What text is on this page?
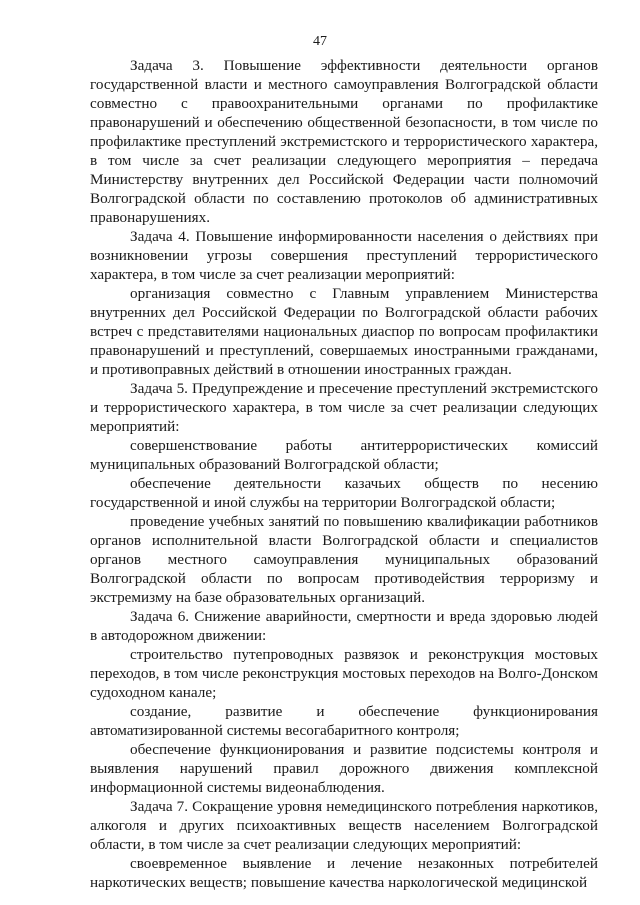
47

Задача 3. Повышение эффективности деятельности органов государственной власти и местного самоуправления Волгоградской области совместно с правоохранительными органами по профилактике правонарушений и обеспечению общественной безопасности, в том числе по профилактике преступлений экстремистского и террористического характера, в том числе за счет реализации следующего мероприятия – передача Министерству внутренних дел Российской Федерации части полномочий Волгоградской области по составлению протоколов об административных правонарушениях.

Задача 4. Повышение информированности населения о действиях при возникновении угрозы совершения преступлений террористического характера, в том числе за счет реализации мероприятий:

организация совместно с Главным управлением Министерства внутренних дел Российской Федерации по Волгоградской области рабочих встреч с представителями национальных диаспор по вопросам профилактики правонарушений и преступлений, совершаемых иностранными гражданами, и противоправных действий в отношении иностранных граждан.

Задача 5. Предупреждение и пресечение преступлений экстремистского и террористического характера, в том числе за счет реализации следующих мероприятий:

совершенствование работы антитеррористических комиссий муниципальных образований Волгоградской области;

обеспечение деятельности казачьих обществ по несению государственной и иной службы на территории Волгоградской области;

проведение учебных занятий по повышению квалификации работников органов исполнительной власти Волгоградской области и специалистов органов местного самоуправления муниципальных образований Волгоградской области по вопросам противодействия терроризму и экстремизму на базе образовательных организаций.

Задача 6. Снижение аварийности, смертности и вреда здоровью людей в автодорожном движении:

строительство путепроводных развязок и реконструкция мостовых переходов, в том числе реконструкция мостовых переходов на Волго-Донском судоходном канале;

создание, развитие и обеспечение функционирования автоматизированной системы весогабаритного контроля;

обеспечение функционирования и развитие подсистемы контроля и выявления нарушений правил дорожного движения комплексной информационной системы видеонаблюдения.

Задача 7. Сокращение уровня немедицинского потребления наркотиков, алкоголя и других психоактивных веществ населением Волгоградской области, в том числе за счет реализации следующих мероприятий:

своевременное выявление и лечение незаконных потребителей наркотических веществ; повышение качества наркологической медицинской
